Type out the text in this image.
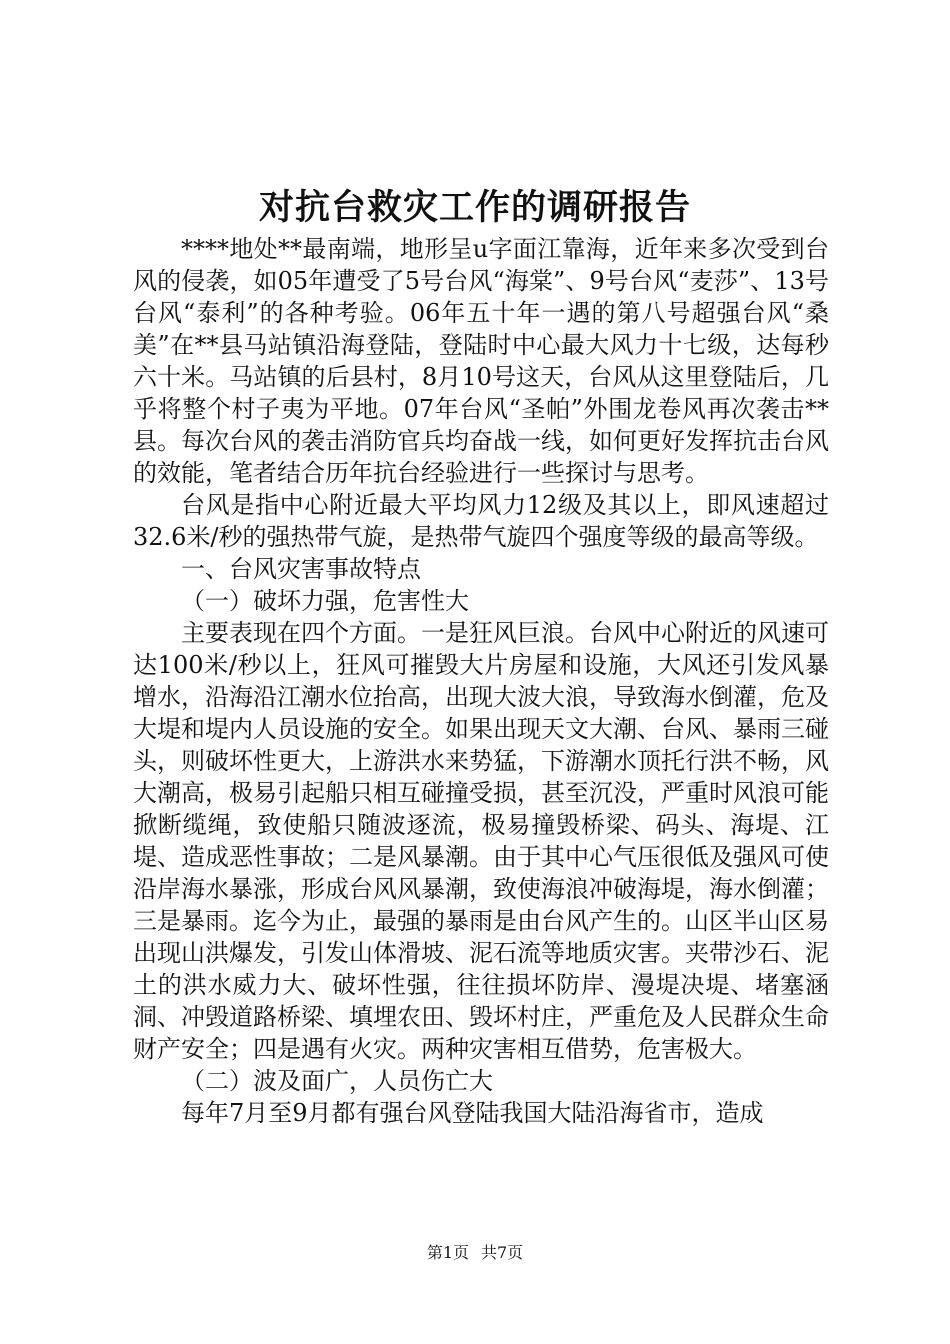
对抗台救灾工作的调研报告

****地处**最南端，地形呈u字面江靠海，近年来多次受到台风的侵袭，如05年遭受了5号台风“海棠”、9号台风“麦莎”、13号台风“泰利”的各种考验。06年五十年一遇的第八号超强台风“桑美”在**县马站镇沿海登陆，登陆时中心最大风力十七级，达每秒六十米。马站镇的后县村，8月10号这天，台风从这里登陆后，几乎将整个村子夷为平地。07年台风“圣帕”外围龙卷风再次袭击**县。每次台风的袭击消防官兵均奋战一线，如何更好发挥抗击台风的效能，笔者结合历年抗台经验进行一些探讨与思考。

台风是指中心附近最大平均风力12级及其以上，即风速超过32.6米/秒的强热带气旋，是热带气旋四个强度等级的最高等级。

一、台风灾害事故特点

（一）破坏力强，危害性大

主要表现在四个方面。一是狂风巨浪。台风中心附近的风速可达100米/秒以上，狂风可摧毁大片房屋和设施，大风还引发风暴增水，沿海沿江潮水位抬高，出现大波大浪，导致海水倒灌，危及大堤和堤内人员设施的安全。如果出现天文大潮、台风、暴雨三碰头，则破坏性更大，上游洪水来势猛，下游潮水顶托行洪不畅，风大潮高，极易引起船只相互碰撞受损，甚至沉没，严重时风浪可能掀断缆绳，致使船只随波逐流，极易撞毁桥梁、码头、海堤、江堤、造成恶性事故；二是风暴潮。由于其中心气压很低及强风可使沿岸海水暴涨，形成台风风暴潮，致使海浪冲破海堤，海水倒灌；三是暴雨。迄今为止，最强的暴雨是由台风产生的。山区半山区易出现山洪爆发，引发山体滑坡、泥石流等地质灾害。夹带沙石、泥土的洪水威力大、破坏性强，往往损坏防岸、漫堤决堤、堵塞涵洞、冲毁道路桥梁、填埋农田、毁坏村庄，严重危及人民群众生命财产安全；四是遇有火灾。两种灾害相互借势，危害极大。

（二）波及面广，人员伤亡大

每年7月至9月都有强台风登陆我国大陆沿海省市，造成

第1页 共7页
